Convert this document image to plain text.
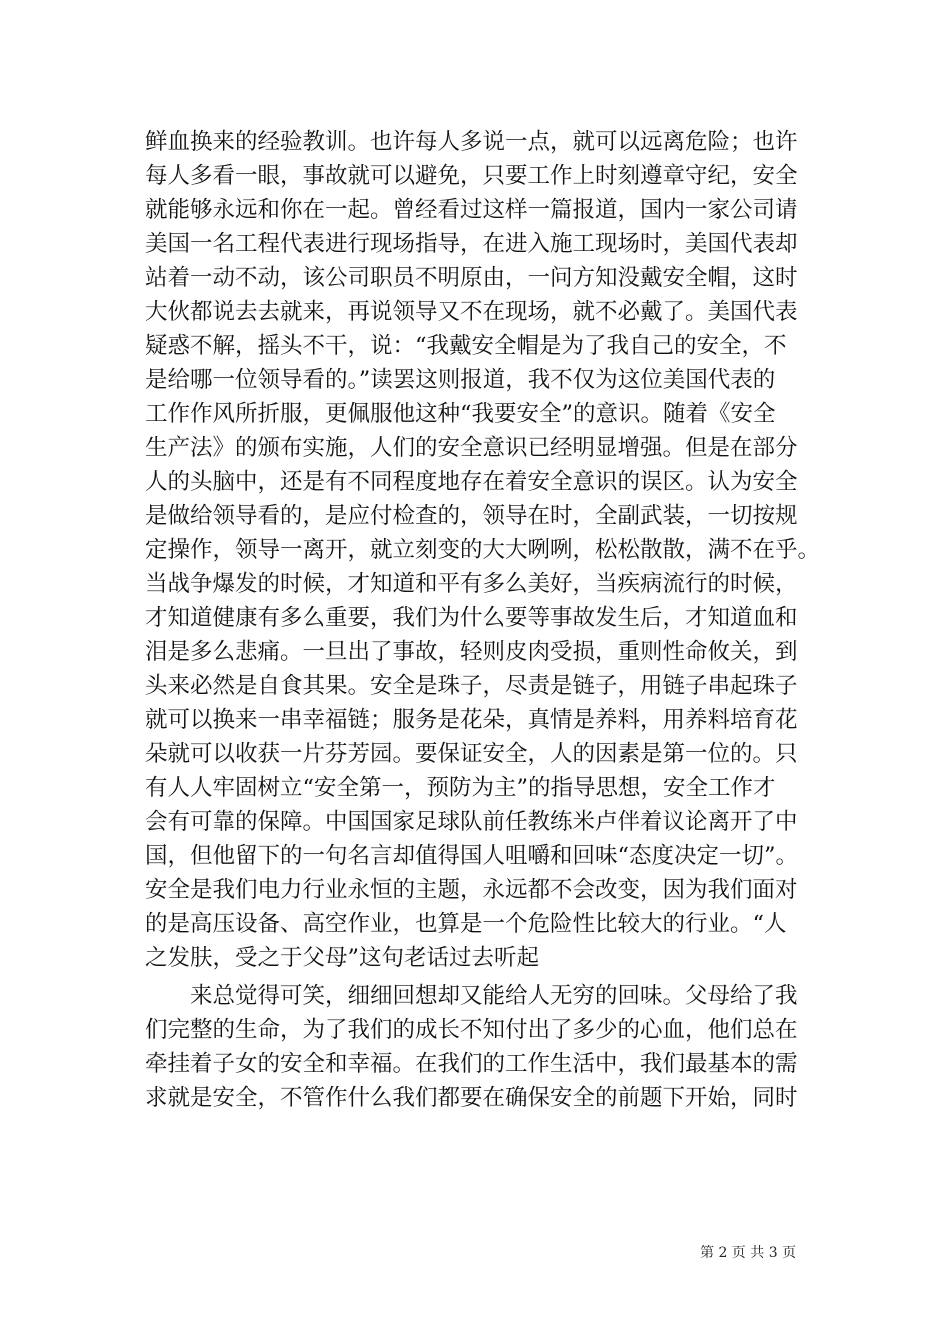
鲜血换来的经验教训。也许每人多说一点，就可以远离危险；也许
每人多看一眼，事故就可以避免，只要工作上时刻遵章守纪，安全
就能够永远和你在一起。曾经看过这样一篇报道，国内一家公司请
美国一名工程代表进行现场指导，在进入施工现场时，美国代表却
站着一动不动，该公司职员不明原由，一问方知没戴安全帽，这时
大伙都说去去就来，再说领导又不在现场，就不必戴了。美国代表
疑惑不解，摇头不干，说：“我戴安全帽是为了我自己的安全，不
是给哪一位领导看的。”读罢这则报道，我不仅为这位美国代表的
工作作风所折服，更佩服他这种“我要安全”的意识。随着《安全
生产法》的颁布实施，人们的安全意识已经明显增强。但是在部分
人的头脑中，还是有不同程度地存在着安全意识的误区。认为安全
是做给领导看的，是应付检查的，领导在时，全副武装，一切按规
定操作，领导一离开，就立刻变的大大咧咧，松松散散，满不在乎。
当战争爆发的时候，才知道和平有多么美好，当疾病流行的时候，
才知道健康有多么重要，我们为什么要等事故发生后，才知道血和
泪是多么悲痛。一旦出了事故，轻则皮肉受损，重则性命攸关，到
头来必然是自食其果。安全是珠子，尽责是链子，用链子串起珠子
就可以换来一串幸福链；服务是花朵，真情是养料，用养料培育花
朵就可以收获一片芬芳园。要保证安全，人的因素是第一位的。只
有人人牢固树立“安全第一，预防为主”的指导思想，安全工作才
会有可靠的保障。中国国家足球队前任教练米卢伴着议论离开了中
国，但他留下的一句名言却值得国人咀嚼和回味“态度决定一切”。
安全是我们电力行业永恒的主题，永远都不会改变，因为我们面对
的是高压设备、高空作业，也算是一个危险性比较大的行业。“人
之发肤，受之于父母”这句老话过去听起
　　来总觉得可笑，细细回想却又能给人无穷的回味。父母给了我
们完整的生命，为了我们的成长不知付出了多少的心血，他们总在
牵挂着子女的安全和幸福。在我们的工作生活中，我们最基本的需
求就是安全，不管作什么我们都要在确保安全的前题下开始，同时
第 2 页 共 3 页
